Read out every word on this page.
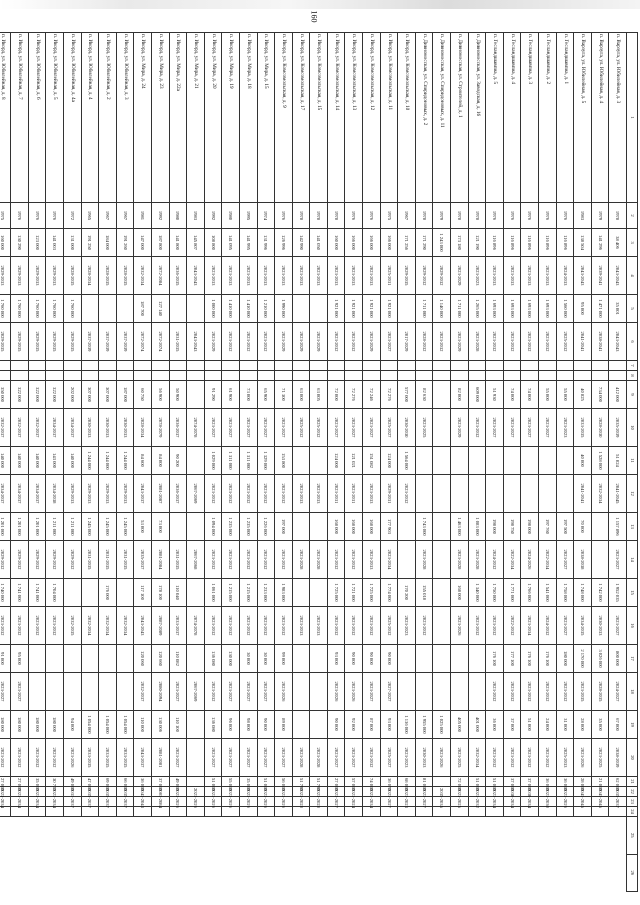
1	2	3	4	5	6	7	8	9	10	11	12	13	14	15	16	17	18	19	20	21	22	23	24	25	26
п. Варзуга, ул. Юбилейная, д. 3	1978	38 406	2043-2043	35 001	2043-2043			412 000	2035-2039	51 024	2041-2045	1 157 896	2023-2027	1 952 035	2023-2027	800 000	2024-2027	67 000	2038-2039	62 000	2035-2037				
п. Варзуга, ул. Юбилейная, д. 4	1979	141 296	2039-2041	1 471 000	2038-2041			734 000	2028-2030	1 528 000	2032-2034			1 742 000	2030-2033	3 026 000	2028-2035	35 000	2023-2025	21 000	2041-2045				
п. Варзуга, ул. Юбилейная, д. 5	1983	138 504	2043-2043	95 000	2041-2041			40 825	2033-2035	40 000	2041-2041	70 000	2038-2038	1 748 000	2034-2035	2 170 000	2023-2035	28 000	2023-2026	28 000	2041-2045				
п. Гесландшавпиа, д. 1	1976	116 896	2024-2033	1 560 000	2025-2032			55 000	2023-2023			197 500	2023-2027	1 758 000	2023-2027	180 000	2023-2032	31 000	2025-2033	36 000	2023-2026				
п. Гесландшавпиа, д. 2	1976	116 896	2023-2033	1 693 000	2023-2032			55 000	2023-2027			197 760	2022-2034	1 541 000	2024-2032	176 100	2023-2032	24 000	2023-2032	36 000	2023-2030				
п. Гесландшавпиа, д. 3	1976	116 896	2023-2033	1 693 000	2023-2032			74 000	2023-2027			198 000	2024-2026	1 766 000	2023-2034	176 100	2023-2032	51 000	2023-2032	37 000	2030-2034				
п. Гесландшавпиа, д. 4	1976	116 896	2023-2033	1 693 000	2023-2032			74 000	2023-2027			198 750	2022-2034	1 771 000	2022-2032	177 100	2023-2032	37 000	2023-2032	37 000	2030-2034				
п. Гесландшавпиа, д. 5	1976	116 896	2023-2033	1 693 000	2023-2032			51 930	2023-2027			198 000	2024-2032	1 750 000	2023-2032	176 100	2023-2032	36 000	2023-2032	51 000	2023-2034				
п. Дивномосская, ул. Заводская, д. 16	1978	121 190	2023-2023	1 265 000	2023-2028			609 000	2023-2032			1 083 000	2023-2028	1 340 000	2023-2032			401 000	2032-2034	51 000	2023-2032				
п. Дивномосская, ул. Строителей, д. 1	1978	173 180	2023-2029	1 711 000	2023-2029			82 000	2023-2029			1 463 000	2023-2028	168 000	2023-2026			405 000	2023-2025	72 000	2023-2025				
п. Дивномосская, ул. Спиридоновых, д. 11	1979	1 243 000	2029-2032	1 140 000	2023-2032													1 025 000	2023-2026		2035-2035				
п. Дивномосская, ул. Спиридоновых, д. 2	1978	171 290	2029-2032	1 711 000	2028-2032			82 630	2023-2025			1 743 000	2023-2028	155 018	2023-2032			1 955 000	2030-2033	81 000	2023-2027				
п. Икорд, ул. Комсомольская, д. 10	1967	171 256	2029-2035		2017-2029			577 000	2030-2030	1 564 000	2023-2032			170 200	2023-2023			1 136 000	2023-2023	68 000	2023-2023				
п. Икорд, ул. Комсомольская, д. 11	1975	166 000	2025-2031	1 921 000	2023-2027			72 276	2025-2027	124 000	2029-2031	177 903	2023-2034	1 774 000	2025-2032	90 000	2027-2027	93 000	2025-2027	36 070	2023-2027				
п. Икорд, ул. Комсомольская, д. 12	1976	166 000	2023-2033	1 921 000	2023-2029			72 246	2023-2027	151 082	2023-2033	168 000	2023-2033	1 725 000	2023-2032	90 000	2023-2027	87 000	2023-2032	74 000	2023-2034				
п. Икорд, ул. Комсомольская, д. 13	1976	166 000	2023-2033	1 921 000	2023-2032			72 276	2023-2027	121 021	2023-2031	168 000	2023-2032	1 721 000	2023-2032	90 000	2023-2026	92 000	2023-2027	57 000	2023-2024				
п. Икорд, ул. Комсомольская, д. 14	1978	160 000	2023-2033	1 921 000	2023-2032			72 000	2023-2027	124 000	2023-2031	168 000	2023-2032	1 725 000	2023-2032	93 000	2023-2026	90 000	2023-2027	27 000	2023-2027				
п. Икорд, ул. Комсомольская, д. 15	1978	141 050	2023-2033		2023-2029			63 005	2025-2032		2023-2033		2023-2028		2023-2033				2023-2028	51 790	2023-2028				
п. Икорд, ул. Комсомольская, д. 17	1978	142 990	2023-2033		2023-2029			63 000	2025-2032		2023-2033		2023-2028		2023-2033				2023-2028	51 790	2023-2028				
п. Икорд, ул. Комсомольская, д. 9	1976	126 996	2023-2033	1 990 000	2023-2029			71 300	2023-2027	153 800	2023-2032	197 000	2023-2032	1 983 000	2023-2032	99 000	2023-2026	89 000	2023-2027	56 000	2023-2026				
п. Икорд, ул. Мира, д. 15	1974	131 996	2023-2033	1 210 000	2023-2032			65 900	2023-2027	1 329 000	2023-2032	1 226 000	2023-2032	1 233 000	2023-2032	30 000	2023-2027	90 000	2023-2027	51 000	2023-2026				
п. Икорд, ул. Мира, д. 18	1995	141 995	2023-2033	1 410 000	2023-2032			73 000	2023-2027	1 311 000	2023-2032	1 235 000	2023-2032	1 215 000	2023-2032	30 000	2023-2027	98 000	2023-2027	35 000	2023-2026				
п. Икорд, ул. Мира, д. 19	1980	141 095	2023-2033	1 410 000	2023-2032			61 900	2023-2027	1 311 000	2023-2032	1 235 000	2023-2032	1 215 000	2023-2032	130 000	2023-2027	96 000	2023-2027	55 000	2023-2026				
п. Икорд, ул. Мира, д. 20	1992	108 800	2023-2033	1 000 000	2023-2029			91 290	2023-2027	1 029 000	2023-2032	1 094 000	2023-2032	1 061 000	2023-2032	136 080	2023-2032	136 080	2023-2027	51 000	2023-2026				
п. Икорд, ул. Мира, д. 21	1983	145 807	2043-2043		2043-2043				2074-2078		2067-2069		2067-2068		2074-2078		2067-2069				2023-2026				
п. Икорд, ул. Мира, д. 22а	1980	141 800	2036-2035		2031-2035			50 900	2036-2037	90 200	2036-2037		2031-2035	110 040	2033-2037	110 082	2023-2027	110 100	2023-2027	49 000	2023-2026				
п. Икорд, ул. Мира, д. 23	1992	187 800	2072-2084	127 140	2072-2074			56 900	2078-2079	84 000	2081-2087	73 000	2081-2084	178 100	2087-2089	120 660	2080-2094	130 006	2081-2081	37 000	2081-2084				
п. Икорд, ул. Мира, д. 24	1981	147 000	2032-2034	187 700	2072-2074			60 750	2028-2034	84 600	2043-2037	53 000	2035-2037	117 100	2043-2043	120 060	2032-2037	110 000	2043-2037	36 000	2043-2043				
п. Икорд, ул. Юбилейная, д. 3	1967	191 260	2028-2035		2037-2039			187 000	2030-2033	1 244 000	2029-2033	1 245 000	2031-2035		2032-2034			1 054 000	2033-2035	66 000	2035-2037				
п. Икорд, ул. Юбилейная, д. 2	1967	184 000	2028-2035		2037-2039			307 000	2030-2033	1 244 000	2029-2033	1 245 000	2031-2035	176 000	2032-2034			1 054 000	2033-2035	69 000	2035-2037				
п. Икорд, ул. Юбилейная, д. 4	1965	191 250	2028-2034		2037-2039			307 000	2030-2033	1 244 000	2029-2033	1 245 000	2031-2035		2032-2034			1 054 000	2033-2035	47 000	2035-2037				
п. Икорд, ул. Юбилейная, д. 4а	1972	131 000	2028-2035	1 760 000	2029-2035			202 000	2034-2037	140 000	2029-2033	1 211 000	2029-2032		2032-2035			94 000	2023-2026	49 000	2031-2037				
п. Икорд, ул. Юбилейная, д. 5	1976	141 003	2029-2033	1 760 000	2029-2035			322 000	2034-2037	143 000	2034-2038	1 211 000	2029-2032	1 704 000	2023-2032			180 000	2023-2032	30 720	2023-2034				
п. Икорд, ул. Юбилейная, д. 6	1976	123 000	2029-2033	1 760 000	2029-2035			322 000	2032-2037	140 000	2034-2037	1 201 000	2029-2032	1 741 000	2023-2032			180 000	2023-2032	35 000	2023-2034				
п. Икорд, ул. Юбилейная, д. 7	1976	130 290	2029-2033	1 760 000	2029-2035			322 000	2032-2037	140 000	2034-2037	1 201 000	2029-2032	1 741 000	2023-2032	95 000	2023-2027	180 000	2023-2032	27 000	2023-2034				
п. Икорд, ул. Юбилейная, д. 8	1975	160 000	2029-2033	1 760 000	2029-2035			350 000	2032-2037	140 000	2034-2037	1 201 000	2029-2032	1 740 000	2023-2032	91 000	2023-2027	180 000	2023-2032	27 000	2023-2034				
160
